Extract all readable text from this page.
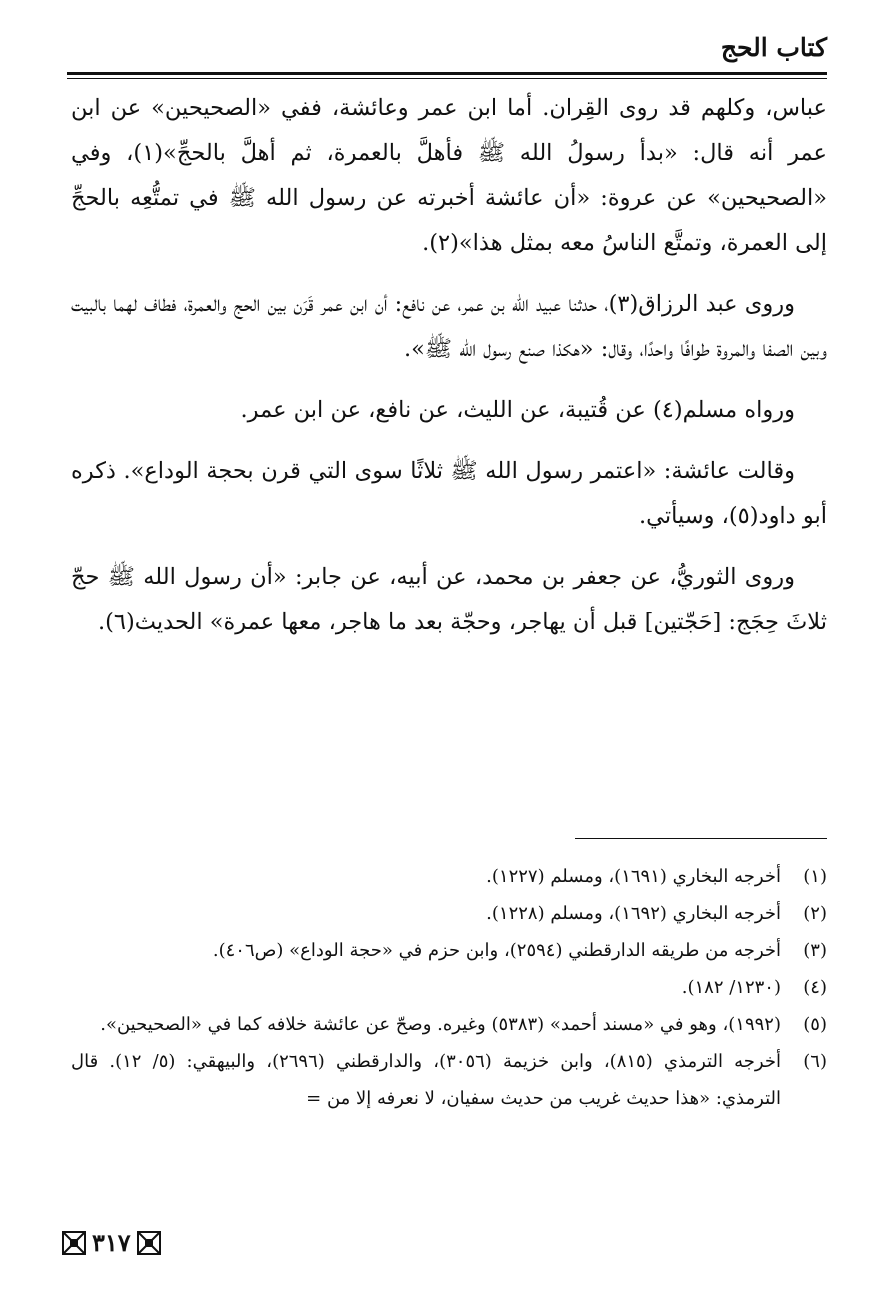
كتاب الحج

عباس، وكلهم قد روى القِران. أما ابن عمر وعائشة، ففي «الصحيحين» عن ابن عمر أنه قال: «بدأ رسولُ الله ﷺ فأهلَّ بالعمرة، ثم أهلَّ بالحجِّ»(١)، وفي «الصحيحين» عن عروة: «أن عائشة أخبرته عن رسول الله ﷺ في تمتُّعِه بالحجِّ إلى العمرة، وتمتَّع الناسُ معه بمثل هذا»(٢).

وروى عبد الرزاق(٣)، حدثنا عبيد الله بن عمر، عن نافع: أن ابن عمر قَرَن بين الحج والعمرة، فطاف لهما بالبيت وبين الصفا والمروة طوافًا واحدًا، وقال: «هكذا صنع رسول الله ﷺ».

ورواه مسلم(٤) عن قُتيبة، عن الليث، عن نافع، عن ابن عمر.

وقالت عائشة: «اعتمر رسول الله ﷺ ثلاثًا سوى التي قرن بحجة الوداع». ذكره أبو داود(٥)، وسيأتي.

وروى الثوريُّ، عن جعفر بن محمد، عن أبيه، عن جابر: «أن رسول الله ﷺ حجّ ثلاثَ حِجَج: [حَجّتين] قبل أن يهاجر، وحجّة بعد ما هاجر، معها عمرة» الحديث(٦).

(١)
أخرجه البخاري (١٦٩١)، ومسلم (١٢٢٧).
(٢)
أخرجه البخاري (١٦٩٢)، ومسلم (١٢٢٨).
(٣)
أخرجه من طريقه الدارقطني (٢٥٩٤)، وابن حزم في «حجة الوداع» (ص٤٠٦).
(٤)
(١٢٣٠/ ١٨٢).
(٥)
(١٩٩٢)، وهو في «مسند أحمد» (٥٣٨٣) وغيره. وصحّ عن عائشة خلافه كما في «الصحيحين».
(٦)
أخرجه الترمذي (٨١٥)، وابن خزيمة (٣٠٥٦)، والدارقطني (٢٦٩٦)، والبيهقي: (٥/ ١٢). قال الترمذي: «هذا حديث غريب من حديث سفيان، لا نعرفه إلا من =
٣١٧
